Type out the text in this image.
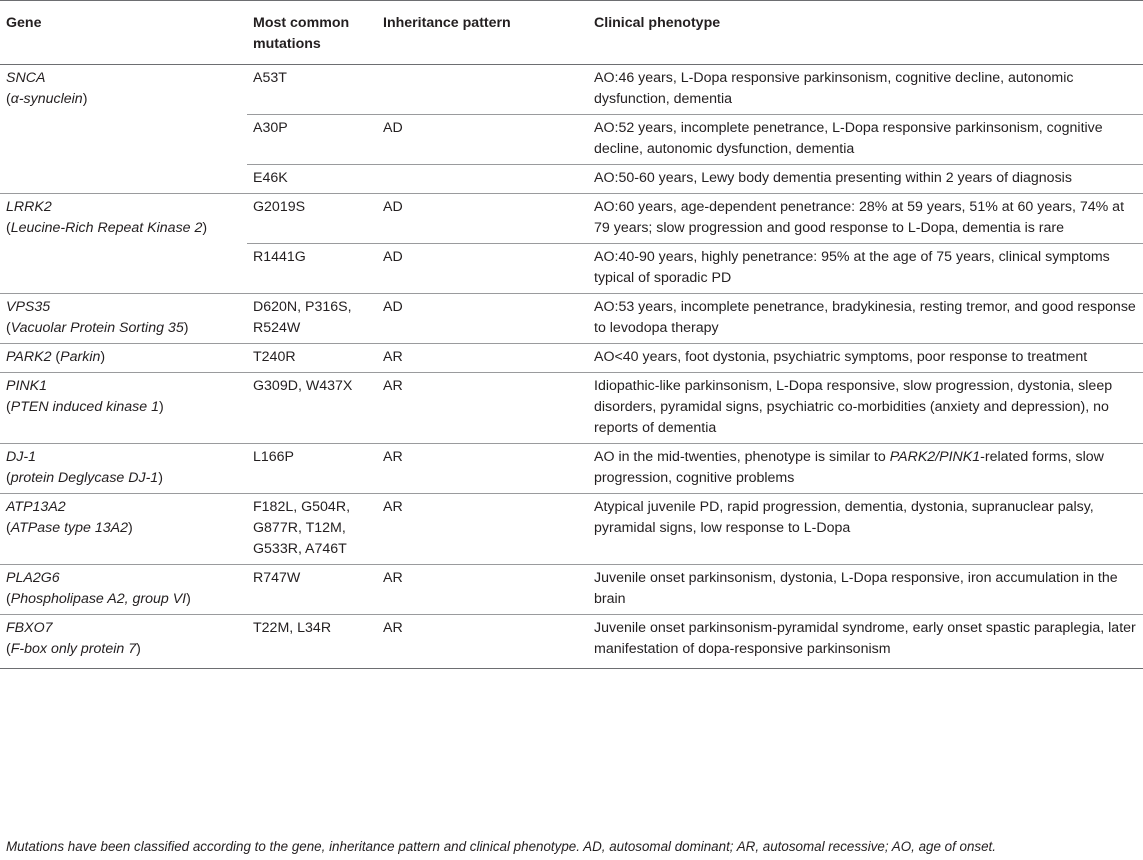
Gene	Most common mutations	Inheritance pattern	Clinical phenotype
SNCA
(α-synuclein)	A53T		AO:46 years, L-Dopa responsive parkinsonism, cognitive decline, autonomic dysfunction, dementia
	A30P	AD	AO:52 years, incomplete penetrance, L-Dopa responsive parkinsonism, cognitive decline, autonomic dysfunction, dementia
	E46K		AO:50-60 years, Lewy body dementia presenting within 2 years of diagnosis
LRRK2
(Leucine-Rich Repeat Kinase 2)	G2019S	AD	AO:60 years, age-dependent penetrance: 28% at 59 years, 51% at 60 years, 74% at 79 years; slow progression and good response to L-Dopa, dementia is rare
	R1441G	AD	AO:40-90 years, highly penetrance: 95% at the age of 75 years, clinical symptoms typical of sporadic PD
VPS35
(Vacuolar Protein Sorting 35)	D620N, P316S, R524W	AD	AO:53 years, incomplete penetrance, bradykinesia, resting tremor, and good response to levodopa therapy
PARK2 (Parkin)	T240R	AR	AO<40 years, foot dystonia, psychiatric symptoms, poor response to treatment
PINK1
(PTEN induced kinase 1)	G309D, W437X	AR	Idiopathic-like parkinsonism, L-Dopa responsive, slow progression, dystonia, sleep disorders, pyramidal signs, psychiatric co-morbidities (anxiety and depression), no reports of dementia
DJ-1
(protein Deglycase DJ-1)	L166P	AR	AO in the mid-twenties, phenotype is similar to PARK2/PINK1-related forms, slow progression, cognitive problems
ATP13A2
(ATPase type 13A2)	F182L, G504R, G877R, T12M, G533R, A746T	AR	Atypical juvenile PD, rapid progression, dementia, dystonia, supranuclear palsy, pyramidal signs, low response to L-Dopa
PLA2G6
(Phospholipase A2, group VI)	R747W	AR	Juvenile onset parkinsonism, dystonia, L-Dopa responsive, iron accumulation in the brain
FBXO7
(F-box only protein 7)	T22M, L34R	AR	Juvenile onset parkinsonism-pyramidal syndrome, early onset spastic paraplegia, later manifestation of dopa-responsive parkinsonism
Mutations have been classified according to the gene, inheritance pattern and clinical phenotype. AD, autosomal dominant; AR, autosomal recessive; AO, age of onset.
